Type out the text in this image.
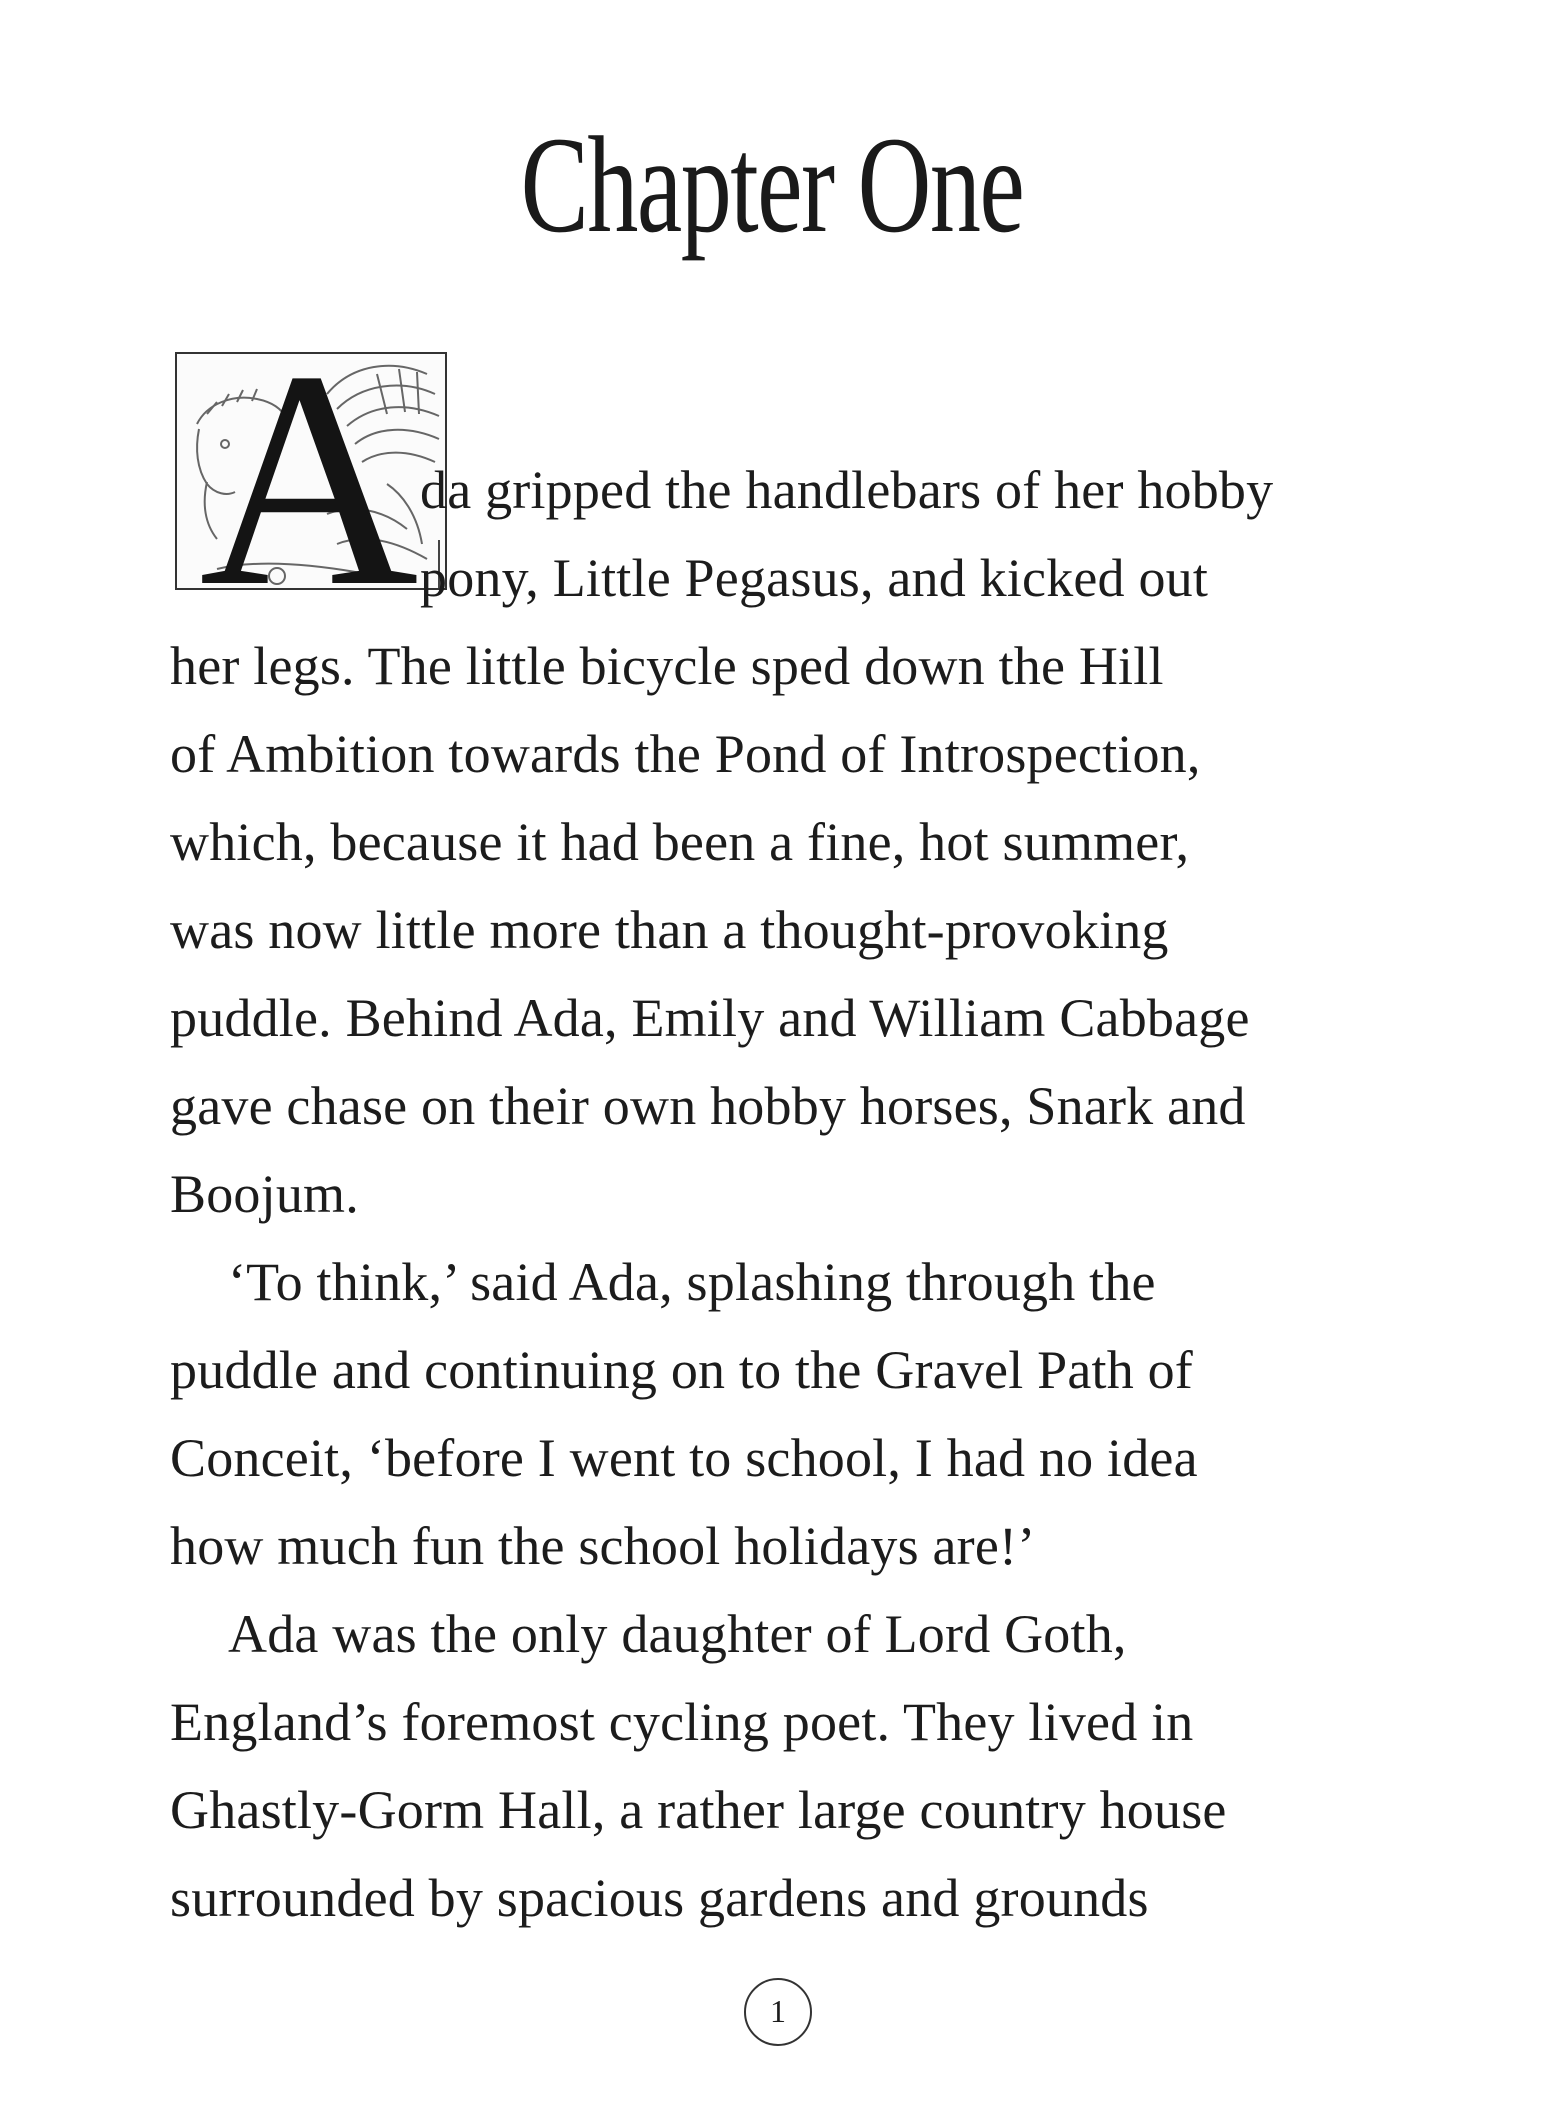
Chapter One
A da gripped the handlebars of her hobby
pony, Little Pegasus, and kicked out
her legs. The little bicycle sped down the Hill
of Ambition towards the Pond of Introspection,
which, because it had been a fine, hot summer,
was now little more than a thought-provoking
puddle. Behind Ada, Emily and William Cabbage
gave chase on their own hobby horses, Snark and
Boojum.
‘To think,’ said Ada, splashing through the
puddle and continuing on to the Gravel Path of
Conceit, ‘before I went to school, I had no idea
how much fun the school holidays are!’
Ada was the only daughter of Lord Goth,
England’s foremost cycling poet. They lived in
Ghastly-Gorm Hall, a rather large country house
surrounded by spacious gardens and grounds
1
